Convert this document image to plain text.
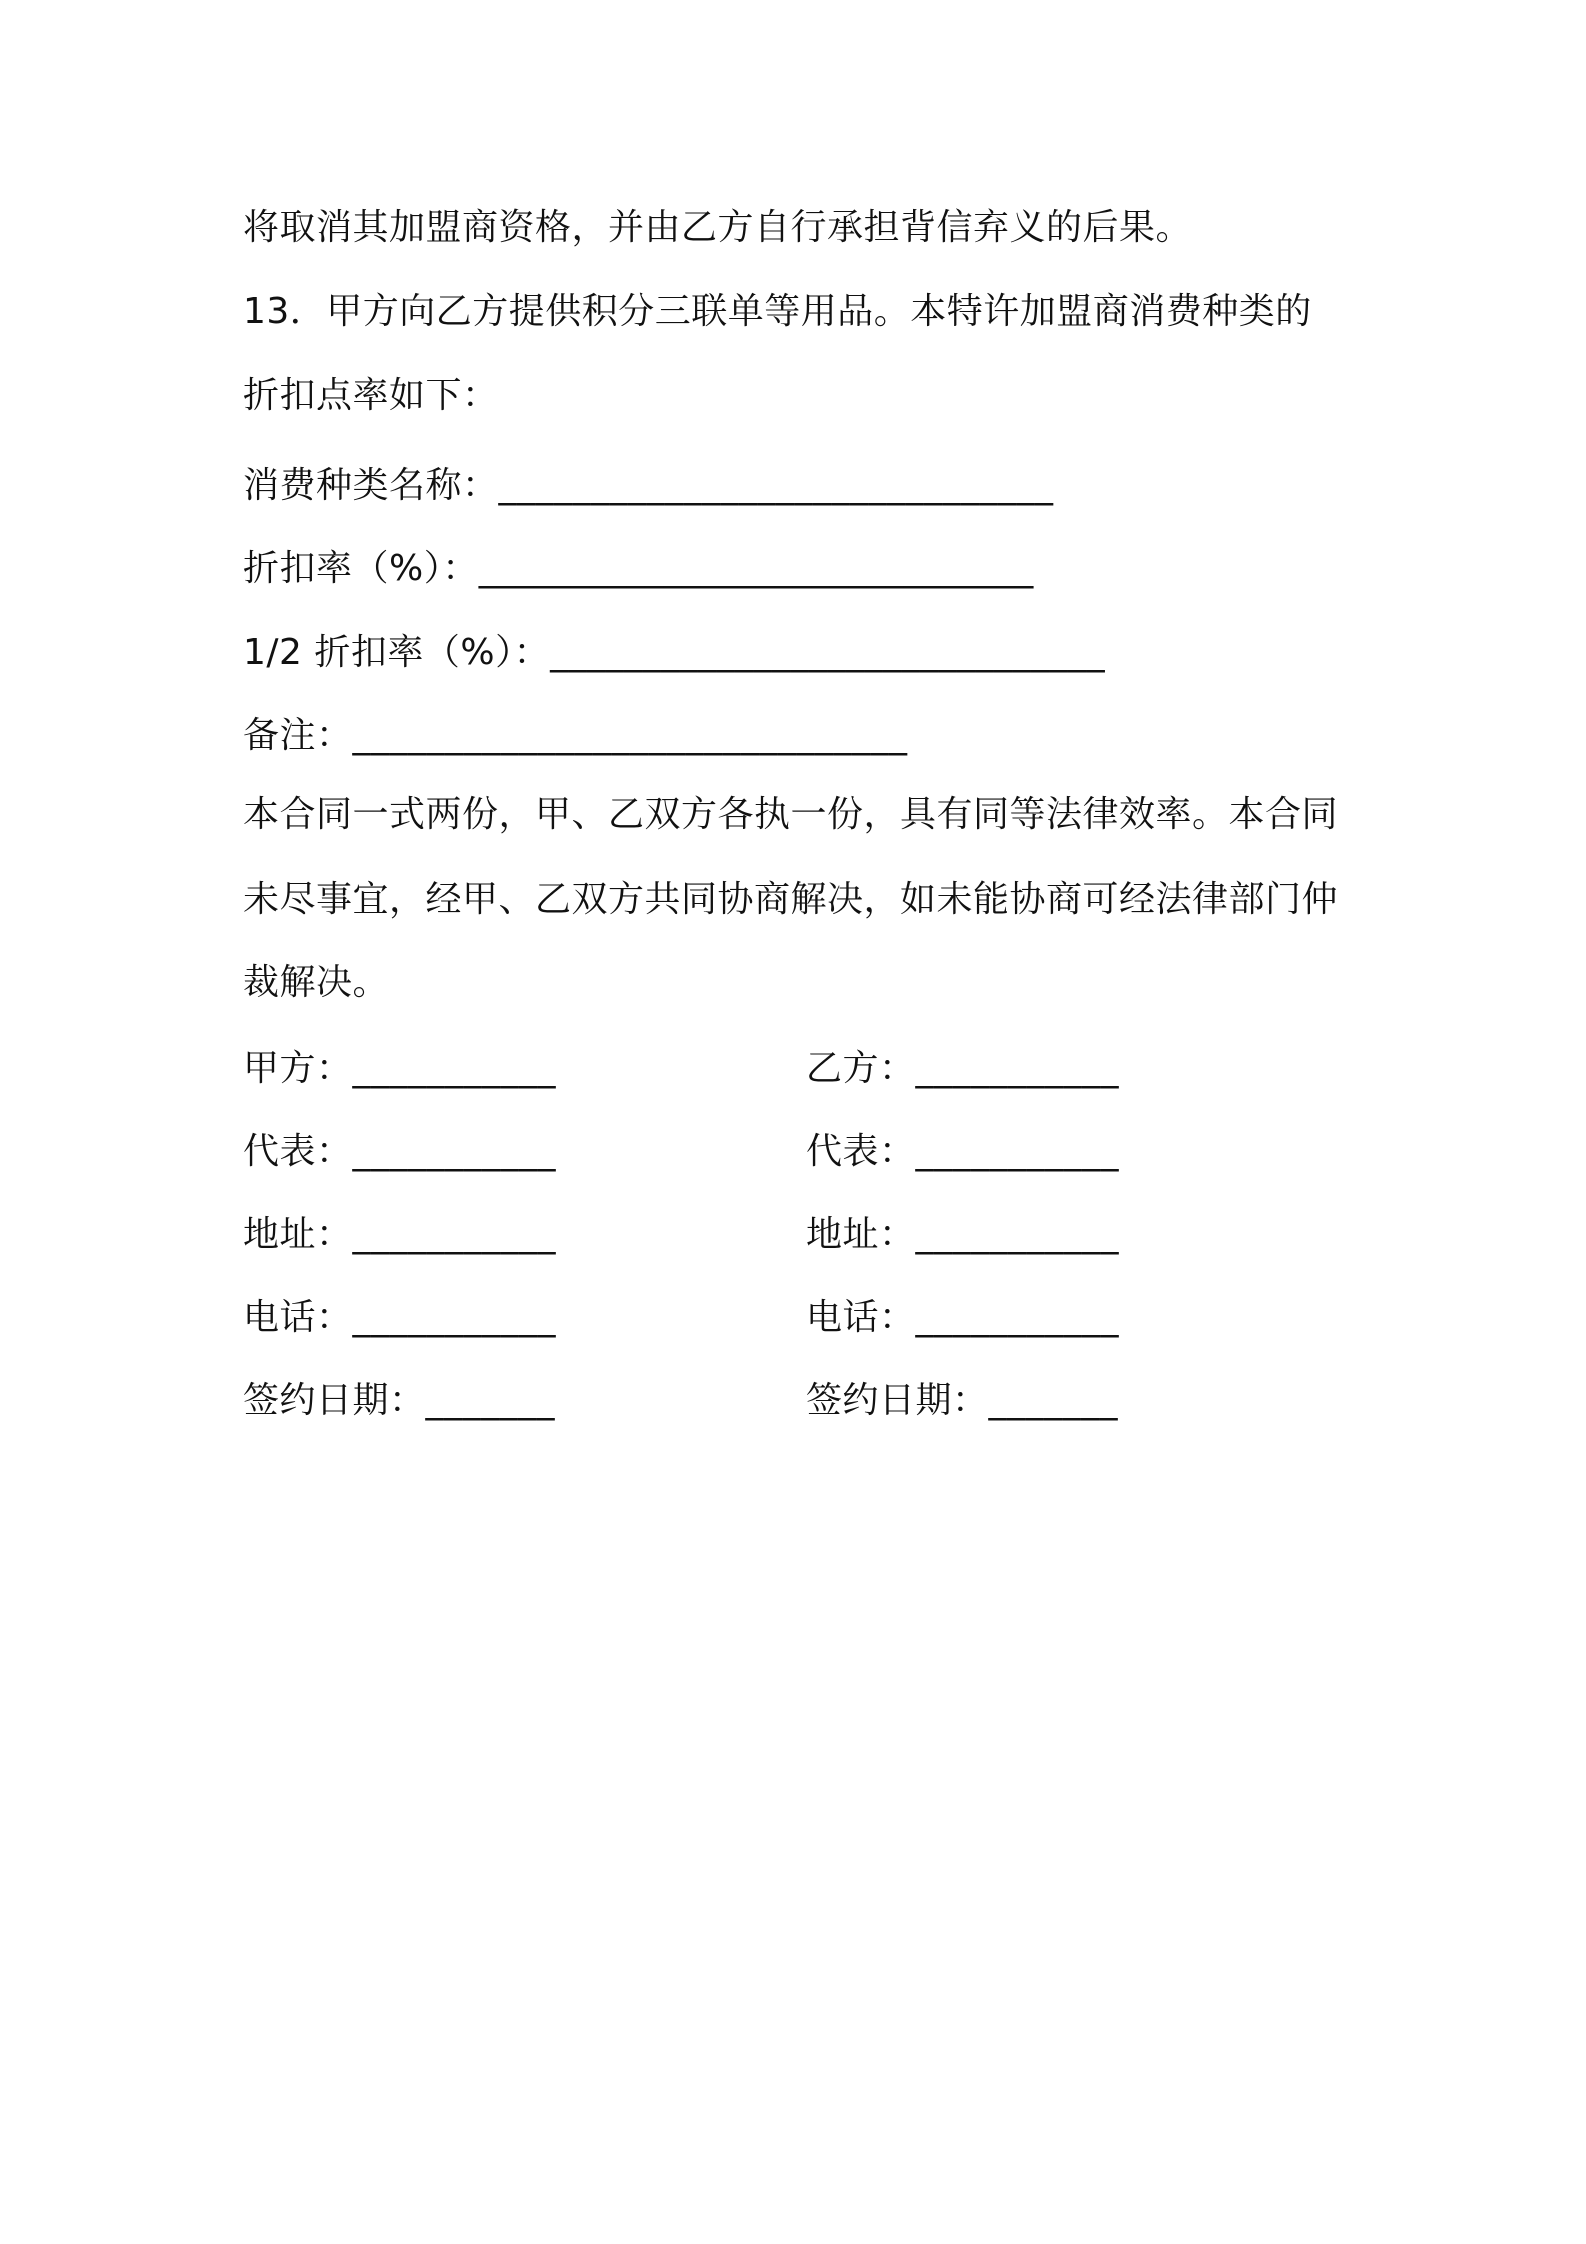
将取消其加盟商资格，并由乙方自行承担背信弃义的后果。
13．甲方向乙方提供积分三联单等用品。本特许加盟商消费种类的
折扣点率如下：
消费种类名称：______________________________
折扣率（%）：______________________________
1/2 折扣率（%）：______________________________
备注：______________________________
本合同一式两份，甲、乙双方各执一份，具有同等法律效率。本合同
未尽事宜，经甲、乙双方共同协商解决，如未能协商可经法律部门仲
裁解决。
甲方：___________
代表：___________
地址：___________
电话：___________
签约日期：_______
乙方：___________
代表：___________
地址：___________
电话：___________
签约日期：_______
